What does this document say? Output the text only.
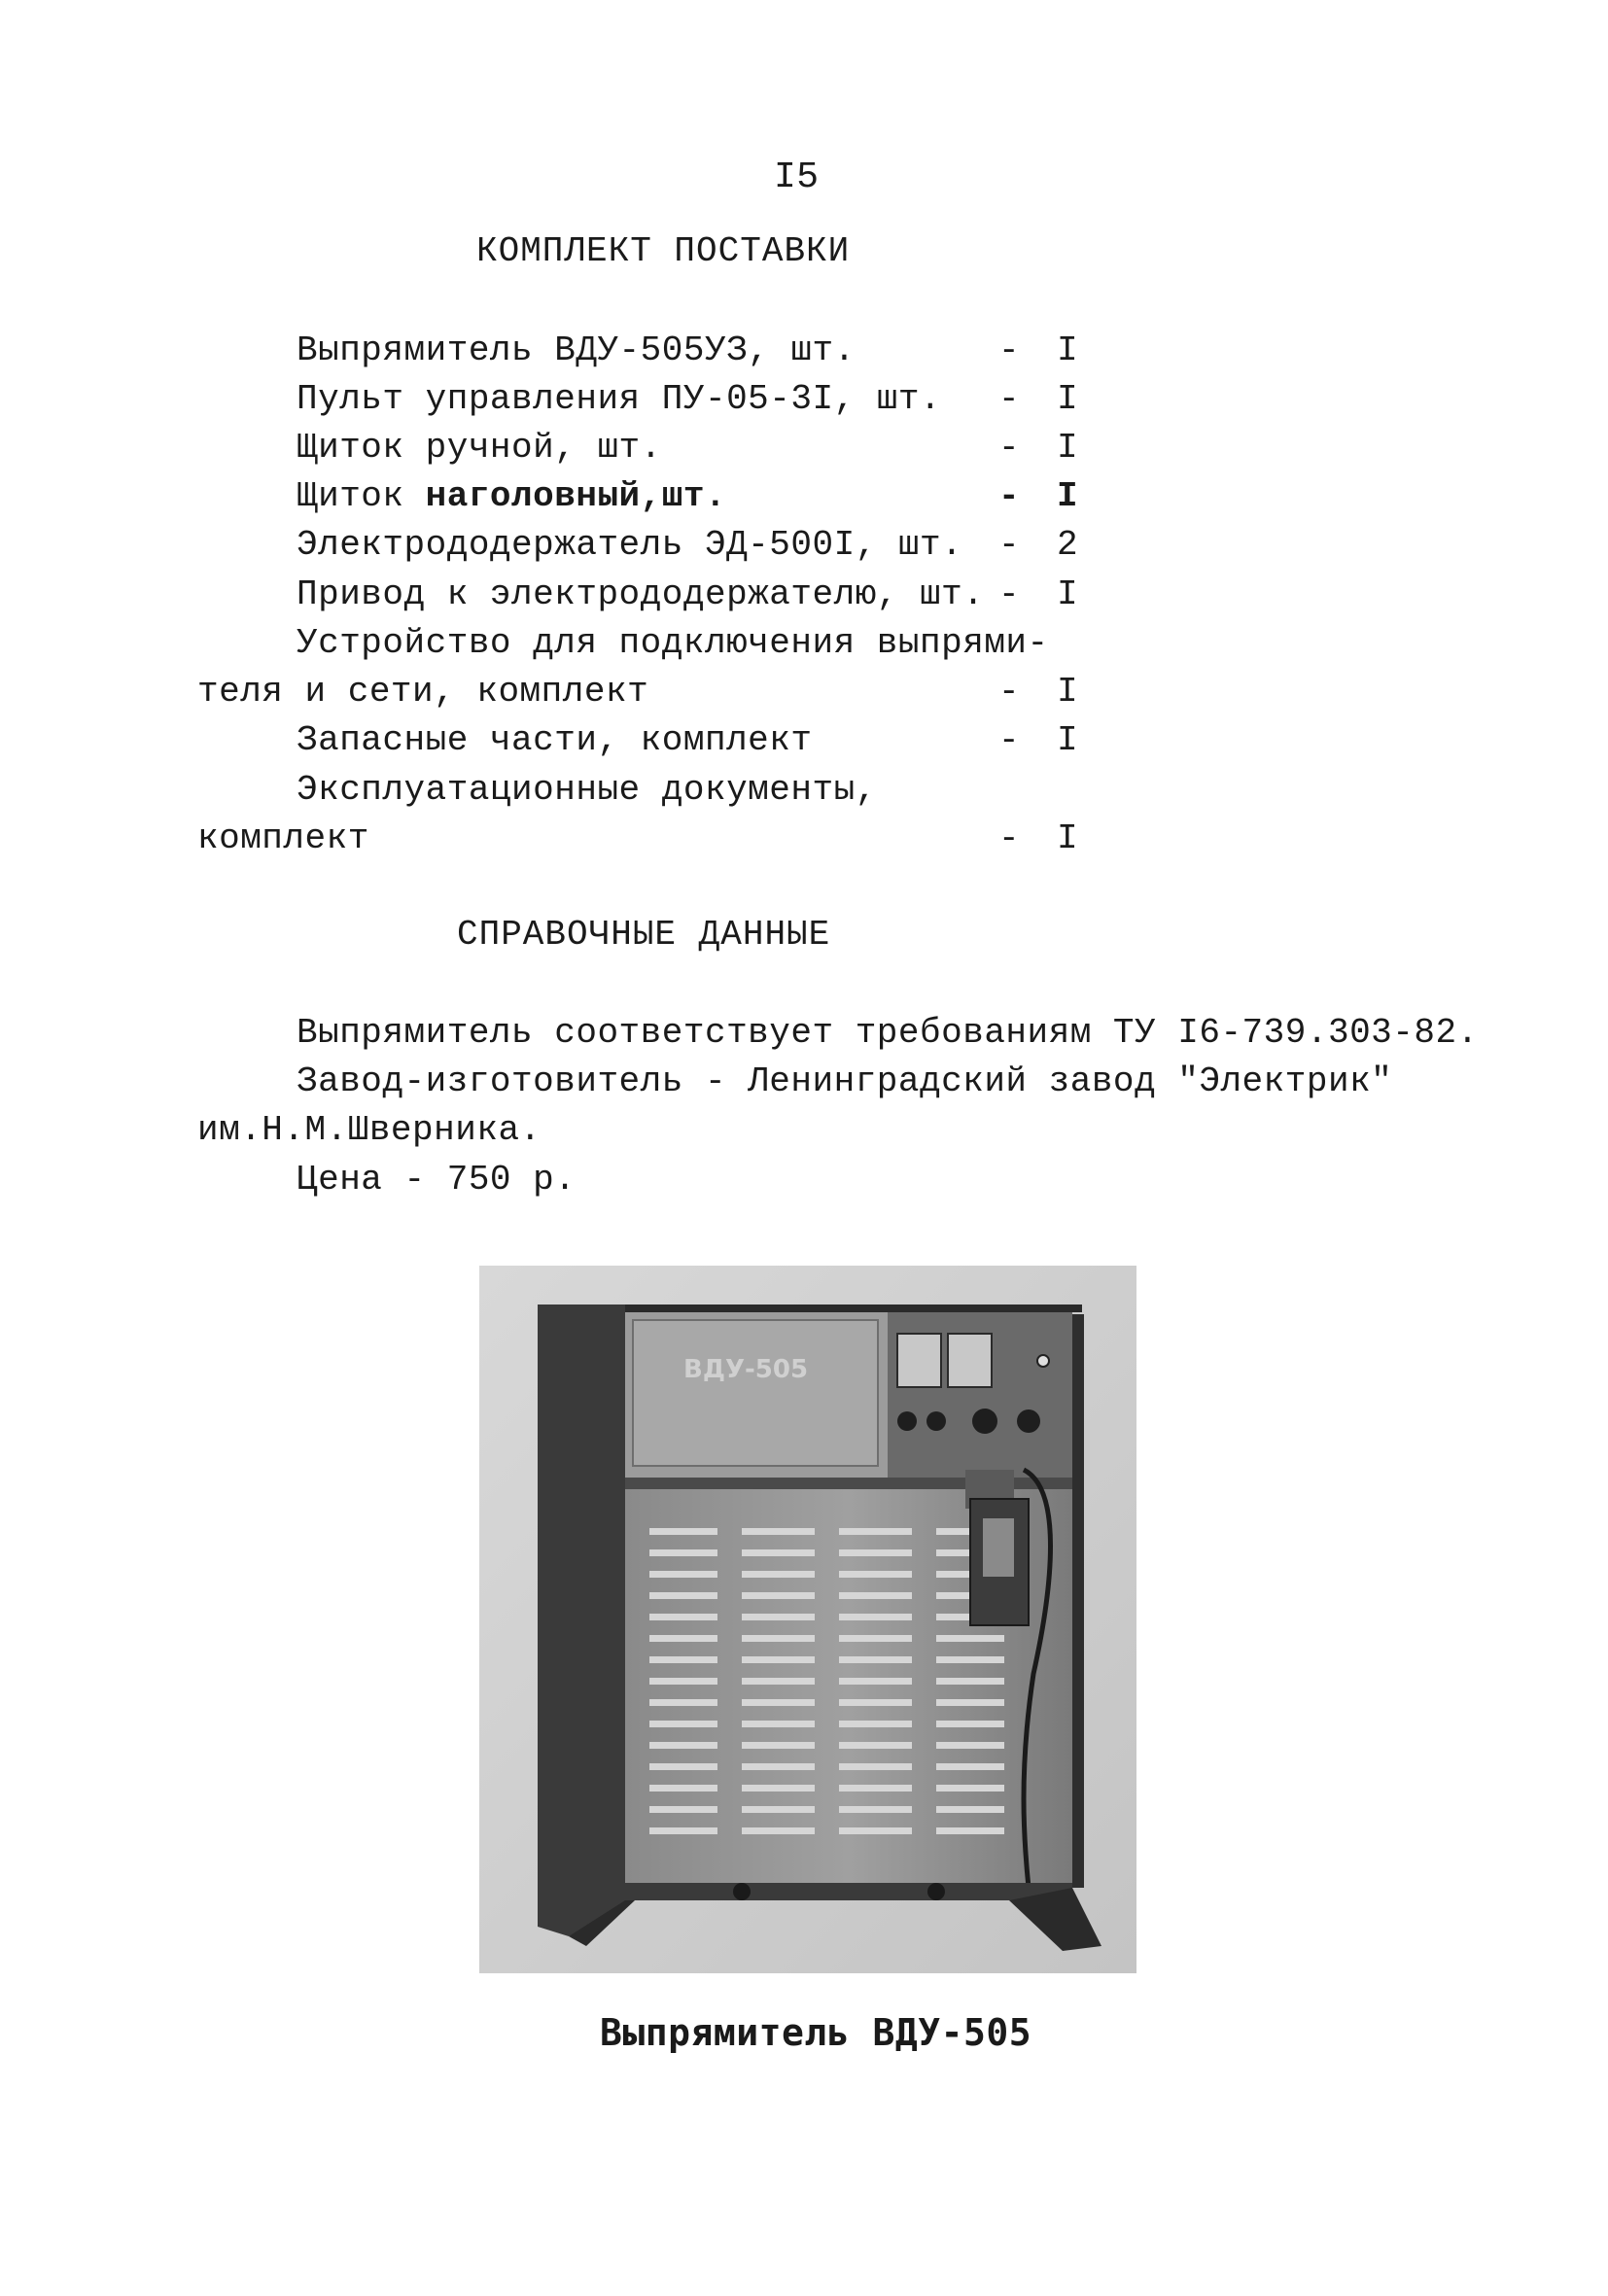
I5
КОМПЛЕКТ ПОСТАВКИ
Выпрямитель ВДУ-505УЗ, шт.	- I
Пульт управления ПУ-05-3I, шт. - I
Щиток ручной, шт.	- I
Щиток наголовный,шт.	- I
Электрододержатель ЭД-500I, шт. - 2
Привод к электрододержателю, шт. - I
Устройство для подключения выпрями-
теля и сети, комплект	- I
Запасные части, комплект	- I
Эксплуатационные документы,
комплект	- I
СПРАВОЧНЫЕ ДАННЫЕ
Выпрямитель соответствует требованиям ТУ I6-739.303-82.
Завод-изготовитель - Ленинградский завод "Электрик"
им.Н.М.Шверника.
Цена - 750 р.
ВДУ-505
Выпрямитель ВДУ-505
